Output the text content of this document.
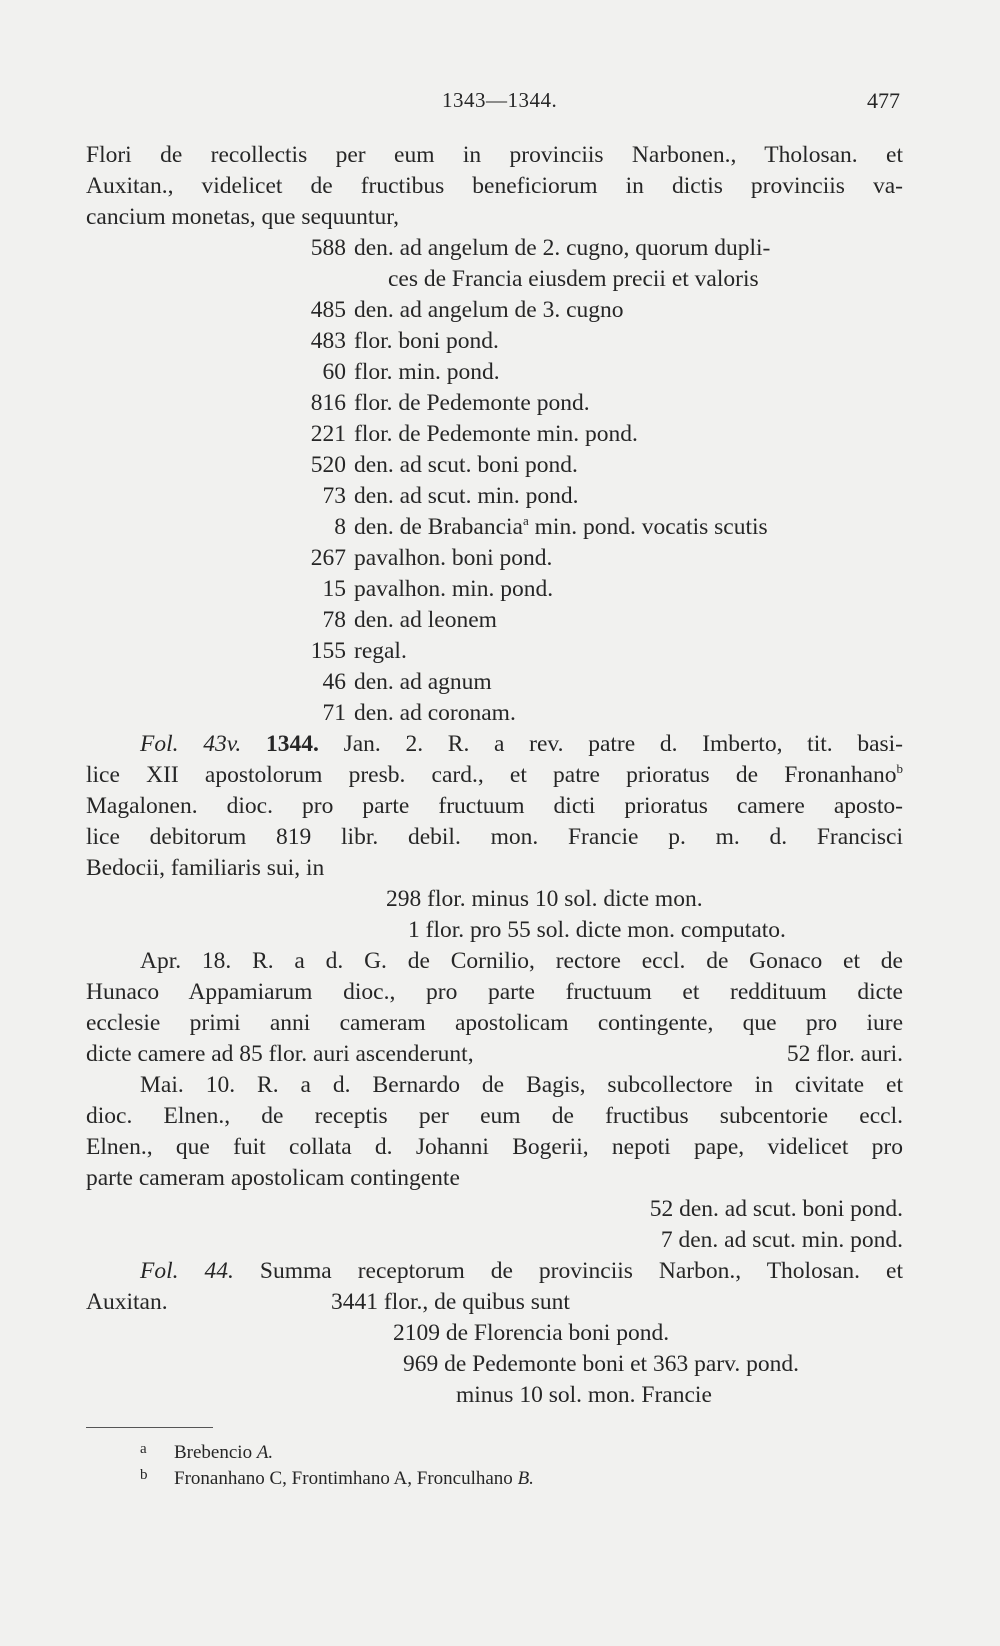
1343—1344.	477
Flori de recollectis per eum in provinciis Narbonen., Tholosan. et
Auxitan., videlicet de fructibus beneficiorum in dictis provinciis va-
cancium monetas, que sequuntur,
588 den. ad angelum de 2. cugno, quorum dupli-
ces de Francia eiusdem precii et valoris
485 den. ad angelum de 3. cugno
483 flor. boni pond.
60 flor. min. pond.
816 flor. de Pedemonte pond.
221 flor. de Pedemonte min. pond.
520 den. ad scut. boni pond.
73 den. ad scut. min. pond.
8 den. de Brabancia$^a$ min. pond. vocatis scutis
267 pavalhon. boni pond.
15 pavalhon. min. pond.
78 den. ad leonem
155 regal.
46 den. ad agnum
71 den. ad coronam.
Fol. 43v. 1344. Jan. 2. R. a rev. patre d. Imberto, tit. basi-
lice XII apostolorum presb. card., et patre prioratus de Fronanhano$^b$
Magalonen. dioc. pro parte fructuum dicti prioratus camere aposto-
lice debitorum 819 libr. debil. mon. Francie p. m. d. Francisci
Bedocii, familiaris sui, in
298 flor. minus 10 sol. dicte mon.
1 flor. pro 55 sol. dicte mon. computato.
Apr. 18. R. a d. G. de Cornilio, rectore eccl. de Gonaco et de
Hunaco Appamiarum dioc., pro parte fructuum et reddituum dicte
ecclesie primi anni cameram apostolicam contingente, que pro iure
dicte camere ad 85 flor. auri ascenderunt,	52 flor. auri.
Mai. 10. R. a d. Bernardo de Bagis, subcollectore in civitate et
dioc. Elnen., de receptis per eum de fructibus subcentorie eccl.
Elnen., que fuit collata d. Johanni Bogerii, nepoti pape, videlicet pro
parte cameram apostolicam contingente
52 den. ad scut. boni pond.
7 den. ad scut. min. pond.
Fol. 44. Summa receptorum de provinciis Narbon., Tholosan. et
Auxitan.	3441 flor., de quibus sunt
2109 de Florencia boni pond.
969 de Pedemonte boni et 363 parv. pond.
minus 10 sol. mon. Francie
a Brebencio A.
b Fronanhano C, Frontimhano A, Fronculhano B.
